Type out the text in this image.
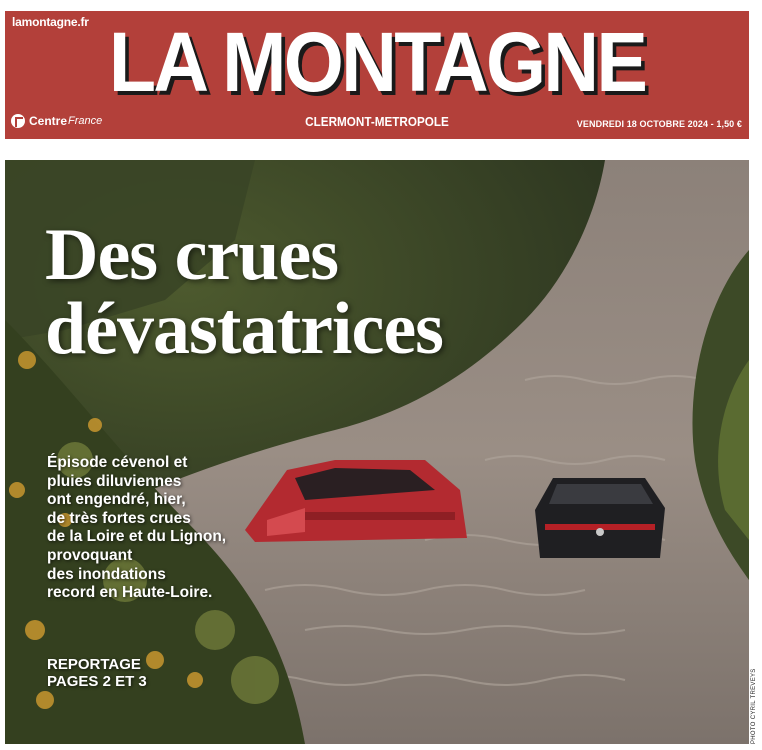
lamontagne.fr LA MONTAGNE
Centre France	CLERMONT-METROPOLE	VENDREDI 18 OCTOBRE 2024 - 1,50 €
Des crues
dévastatrices

Épisode cévenol et
pluies diluviennes
ont engendré, hier,
de très fortes crues
de la Loire et du Lignon,
provoquant
des inondations
record en Haute-Loire.

REPORTAGE
PAGES 2 ET 3	PHOTO CYRIL TREVEYS
